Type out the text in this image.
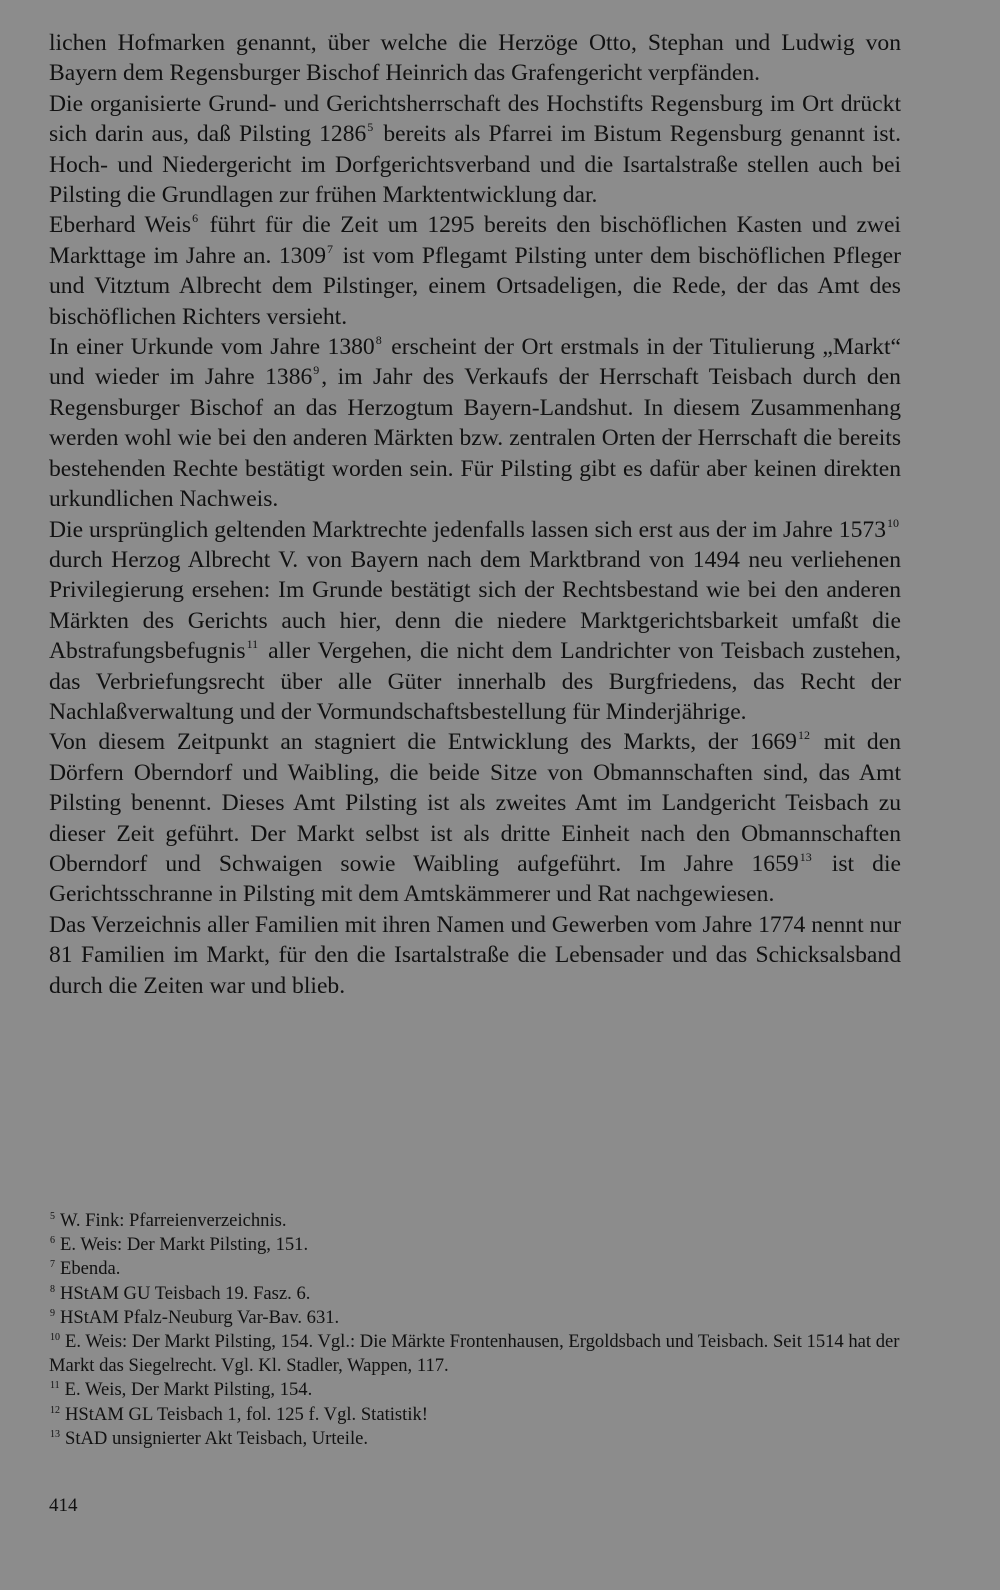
lichen Hofmarken genannt, über welche die Herzöge Otto, Stephan und Ludwig von Bayern dem Regensburger Bischof Heinrich das Grafengericht verpfänden.

Die organisierte Grund- und Gerichtsherrschaft des Hochstifts Regensburg im Ort drückt sich darin aus, daß Pilsting 1286$^5$ bereits als Pfarrei im Bistum Regensburg genannt ist. Hoch- und Niedergericht im Dorfgerichtsverband und die Isartalstraße stellen auch bei Pilsting die Grundlagen zur frühen Marktentwicklung dar.

Eberhard Weis$^6$ führt für die Zeit um 1295 bereits den bischöflichen Kasten und zwei Markttage im Jahre an. 1309$^7$ ist vom Pflegamt Pilsting unter dem bischöflichen Pfleger und Vitztum Albrecht dem Pilstinger, einem Ortsadeligen, die Rede, der das Amt des bischöflichen Richters versieht.

In einer Urkunde vom Jahre 1380$^8$ erscheint der Ort erstmals in der Titulierung „Markt“ und wieder im Jahre 1386$^9$, im Jahr des Verkaufs der Herrschaft Teisbach durch den Regensburger Bischof an das Herzogtum Bayern-Landshut. In diesem Zusammenhang werden wohl wie bei den anderen Märkten bzw. zentralen Orten der Herrschaft die bereits bestehenden Rechte bestätigt worden sein. Für Pilsting gibt es dafür aber keinen direkten urkundlichen Nachweis.

Die ursprünglich geltenden Marktrechte jedenfalls lassen sich erst aus der im Jahre 1573$^{10}$ durch Herzog Albrecht V. von Bayern nach dem Marktbrand von 1494 neu verliehenen Privilegierung ersehen: Im Grunde bestätigt sich der Rechtsbestand wie bei den anderen Märkten des Gerichts auch hier, denn die niedere Marktgerichtsbarkeit umfaßt die Abstrafungsbefugnis$^{11}$ aller Vergehen, die nicht dem Landrichter von Teisbach zustehen, das Verbriefungsrecht über alle Güter innerhalb des Burgfriedens, das Recht der Nachlaßverwaltung und der Vormundschaftsbestellung für Minderjährige.

Von diesem Zeitpunkt an stagniert die Entwicklung des Markts, der 1669$^{12}$ mit den Dörfern Oberndorf und Waibling, die beide Sitze von Obmannschaften sind, das Amt Pilsting benennt. Dieses Amt Pilsting ist als zweites Amt im Landgericht Teisbach zu dieser Zeit geführt. Der Markt selbst ist als dritte Einheit nach den Obmannschaften Oberndorf und Schwaigen sowie Waibling aufgeführt. Im Jahre 1659$^{13}$ ist die Gerichtsschranne in Pilsting mit dem Amtskämmerer und Rat nachgewiesen.

Das Verzeichnis aller Familien mit ihren Namen und Gewerben vom Jahre 1774 nennt nur 81 Familien im Markt, für den die Isartalstraße die Lebensader und das Schicksalsband durch die Zeiten war und blieb.

$^5$ W. Fink: Pfarreienverzeichnis.

$^6$ E. Weis: Der Markt Pilsting, 151.

$^7$ Ebenda.

$^8$ HStAM GU Teisbach 19. Fasz. 6.

$^9$ HStAM Pfalz-Neuburg Var-Bav. 631.

$^{10}$ E. Weis: Der Markt Pilsting, 154. Vgl.: Die Märkte Frontenhausen, Ergoldsbach und Teisbach. Seit 1514 hat der Markt das Siegelrecht. Vgl. Kl. Stadler, Wappen, 117.

$^{11}$ E. Weis, Der Markt Pilsting, 154.

$^{12}$ HStAM GL Teisbach 1, fol. 125 f. Vgl. Statistik!

$^{13}$ StAD unsignierter Akt Teisbach, Urteile.

414
